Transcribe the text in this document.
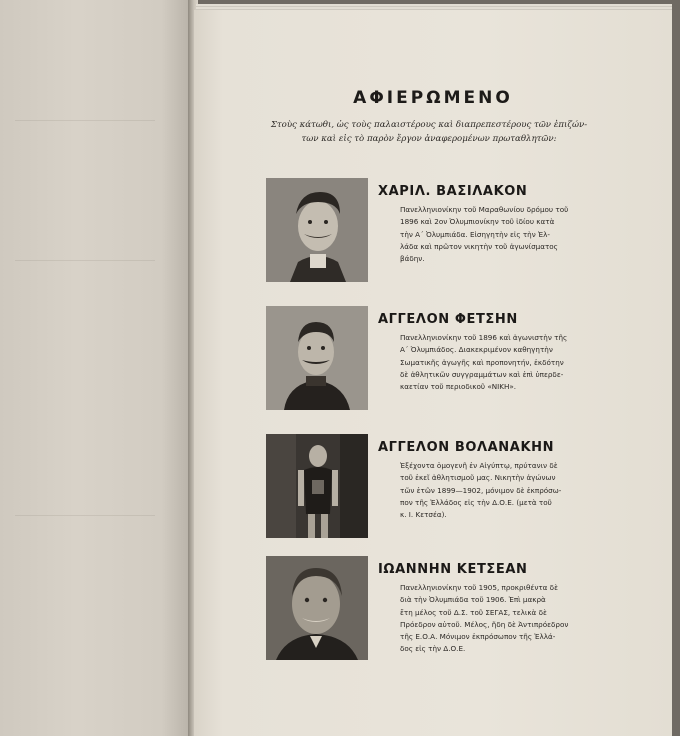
ΑΦΙΕΡΩΜΕΝΟ
Στοὺς κάτωθι, ὡς τοὺς παλαιστέρους καὶ διαπρεπεστέρους τῶν ἐπιζών-
των καὶ εἰς τὸ παρὸν ἔργον ἀναφερομένων πρωταθλητῶν:
ΧΑΡΙΛ. ΒΑΣΙΛΑΚΟΝ
Πανελληνιονίκην τοῦ Μαραθωνίου δρόμου τοῦ
1896 καὶ 2ον Ὀλυμπιονίκην τοῦ ἰδίου κατὰ
τὴν Α΄ Ὀλυμπιάδα. Εἰσηγητὴν εἰς τὴν Ἑλ-
λάδα καὶ πρῶτον νικητὴν τοῦ ἀγωνίσματος
βάδην.
ΑΓΓΕΛΟΝ ΦΕΤΣΗΝ
Πανελληνιονίκην τοῦ 1896 καὶ ἀγωνιστὴν τῆς
Α΄ Ὀλυμπιάδος. Διακεκριμένον καθηγητὴν
Σωματικῆς ἀγωγῆς καὶ προπονητήν, ἐκδότην
δὲ ἀθλητικῶν συγγραμμάτων καὶ ἐπὶ ὑπερδε-
καετίαν τοῦ περιοδικοῦ «ΝΙΚΗ».
ΑΓΓΕΛΟΝ ΒΟΛΑΝΑΚΗΝ
Ἐξέχοντα ὁμογενῆ ἐν Αἰγύπτῳ, πρύτανιν δὲ
τοῦ ἐκεῖ ἀθλητισμοῦ μας. Νικητὴν ἀγώνων
τῶν ἐτῶν 1899—1902, μόνιμον δὲ ἐκπρόσω-
πον τῆς Ἑλλάδος εἰς τὴν Δ.Ο.Ε. (μετὰ τοῦ
κ. Ι. Κετσέα).
ΙΩΑΝΝΗΝ ΚΕΤΣΕΑΝ
Πανελληνιονίκην τοῦ 1905, προκριθέντα δὲ
διὰ τὴν Ὀλυμπιάδα τοῦ 1906. Ἐπὶ μακρὰ
ἔτη μέλος τοῦ Δ.Σ. τοῦ ΣΕΓΑΣ, τελικὰ δὲ
Πρόεδρον αὐτοῦ. Μέλος, ἤδη δὲ Ἀντιπρόεδρον
τῆς Ε.Ο.Α. Μόνιμον ἐκπρόσωπον τῆς Ἑλλά-
δος εἰς τὴν Δ.Ο.Ε.
